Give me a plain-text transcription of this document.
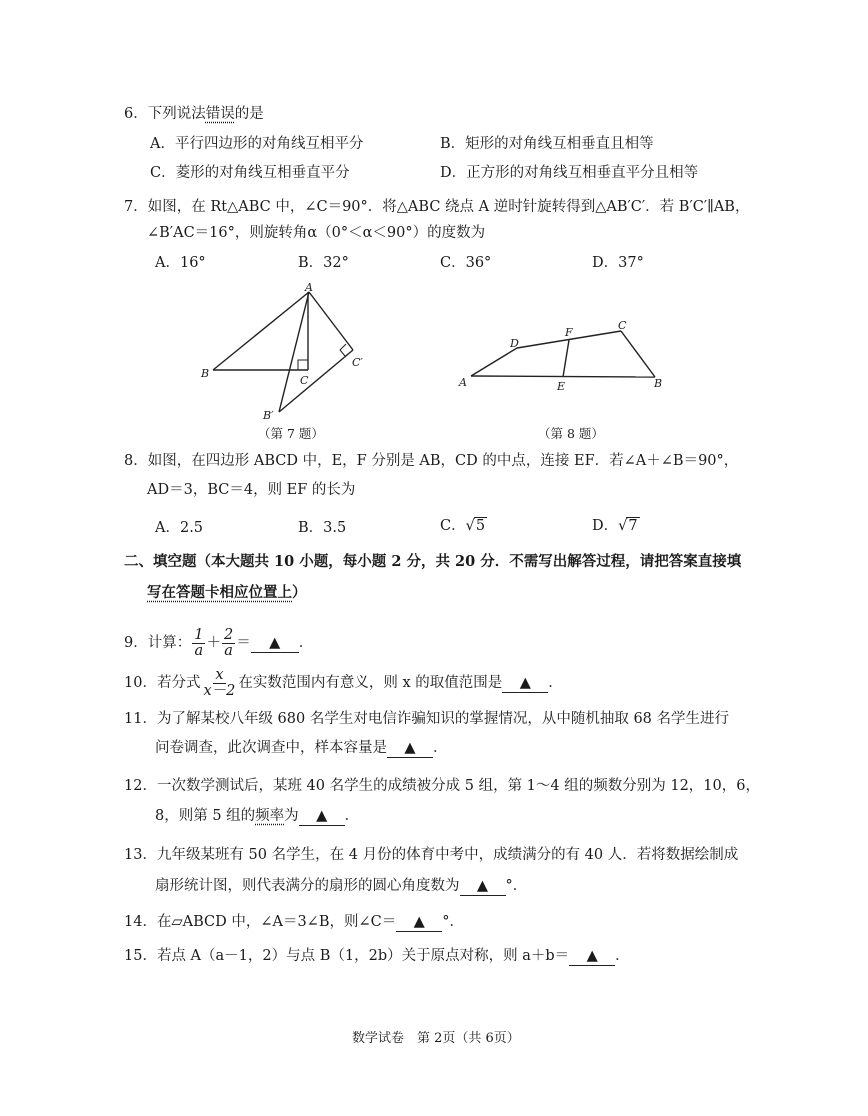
6．下列说法错误的是
A．平行四边形的对角线互相平分	B．矩形的对角线互相垂直且相等
C．菱形的对角线互相垂直平分	D．正方形的对角线互相垂直平分且相等
7．如图，在 Rt△ABC 中，∠C＝90°．将△ABC 绕点 A 逆时针旋转得到△AB′C′．若 B′C′∥AB，
∠B′AC＝16°，则旋转角α（0°＜α＜90°）的度数为
A．16°	B．32°	C．36°	D．37°
A
B
C
B′
C′
（第 7 题）
A	B
C
D
E
F
（第 8 题）
8．如图，在四边形 ABCD 中，E，F 分别是 AB，CD 的中点，连接 EF．若∠A＋∠B＝90°，
AD＝3，BC＝4，则 EF 的长为
A．2.5	B．3.5	C．√5	D．√7
二、填空题（本大题共 10 小题，每小题 2 分，共 20 分．不需写出解答过程，请把答案直接填
写在答题卡相应位置上）
9．计算： $\frac{1}{a} + \frac{2}{a}$ ＝ ▲ ．
10．若分式 $\frac{x}{x-2}$ 在实数范围内有意义，则 x 的取值范围是 ▲ ．
11．为了解某校八年级 680 名学生对电信诈骗知识的掌握情况，从中随机抽取 68 名学生进行
问卷调查，此次调查中，样本容量是 ▲ ．
12．一次数学测试后，某班 40 名学生的成绩被分成 5 组，第 1～4 组的频数分别为 12，10，6，
8，则第 5 组的频率为 ▲ ．
13．九年级某班有 50 名学生，在 4 月份的体育中考中，成绩满分的有 40 人．若将数据绘制成
扇形统计图，则代表满分的扇形的圆心角度数为 ▲ °．
14．在▱ABCD 中，∠A＝3∠B，则∠C＝ ▲ °．
15．若点 A（a－1，2）与点 B（1，2b）关于原点对称，则 a＋b＝ ▲ ．
数学试卷　第 2页（共 6页）
